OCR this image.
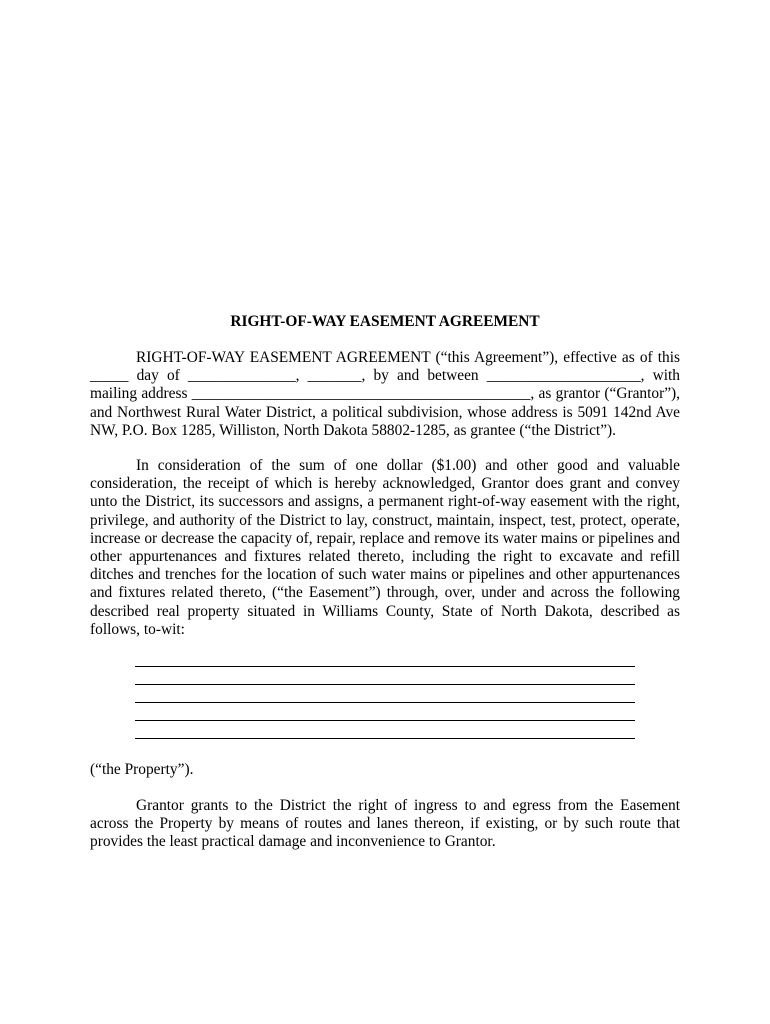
RIGHT-OF-WAY EASEMENT AGREEMENT
RIGHT-OF-WAY EASEMENT AGREEMENT (“this Agreement”), effective as of this _____ day of ______________, _______, by and between ____________________, with mailing address ____________________________________________, as grantor (“Grantor”), and Northwest Rural Water District, a political subdivision, whose address is 5091 142nd Ave NW, P.O. Box 1285, Williston, North Dakota 58802-1285, as grantee (“the District”).
In consideration of the sum of one dollar ($1.00) and other good and valuable consideration, the receipt of which is hereby acknowledged, Grantor does grant and convey unto the District, its successors and assigns, a permanent right-of-way easement with the right, privilege, and authority of the District to lay, construct, maintain, inspect, test, protect, operate, increase or decrease the capacity of, repair, replace and remove its water mains or pipelines and other appurtenances and fixtures related thereto, including the right to excavate and refill ditches and trenches for the location of such water mains or pipelines and other appurtenances and fixtures related thereto, (“the Easement”) through, over, under and across the following described real property situated in Williams County, State of North Dakota, described as follows, to-wit:
(“the Property”).
Grantor grants to the District the right of ingress to and egress from the Easement across the Property by means of routes and lanes thereon, if existing, or by such route that provides the least practical damage and inconvenience to Grantor.
